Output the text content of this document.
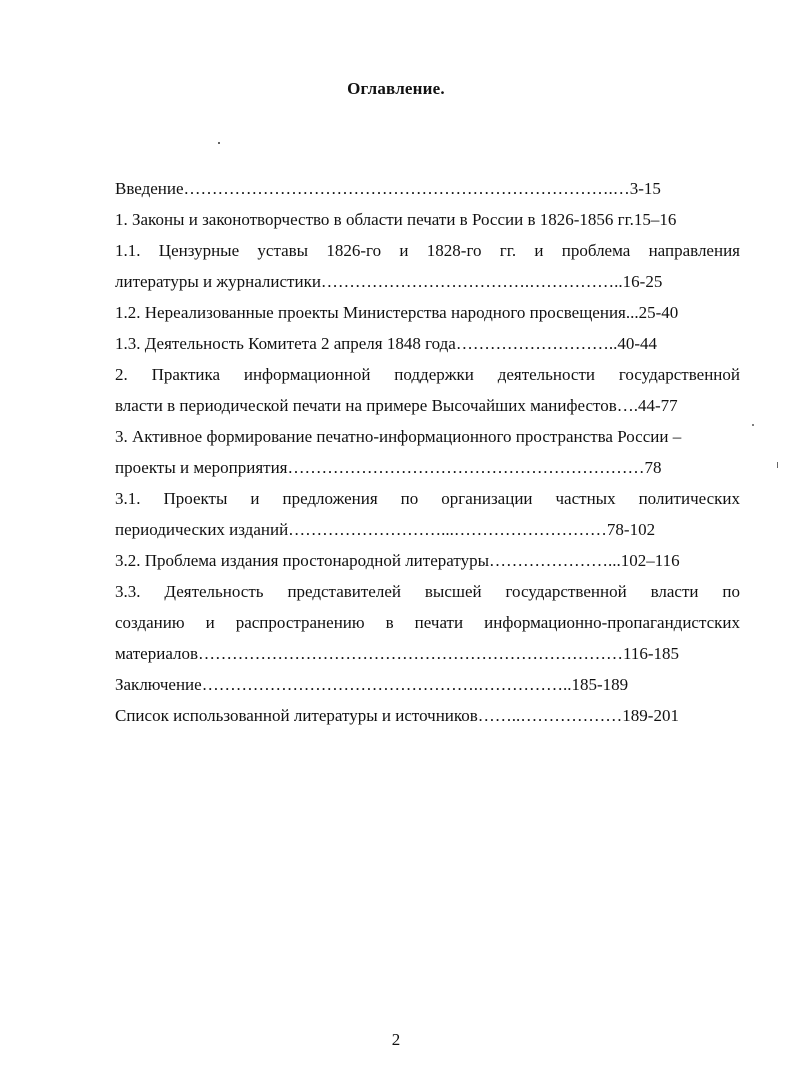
Оглавление.
Введение………………………………………………………………….…3-15
1. Законы и законотворчество в области печати в России в 1826-1856 гг.15–16
1.1. Цензурные уставы 1826-го и 1828-го гг. и проблема направления
литературы и журналистики……………………………….……………..16-25
1.2. Нереализованные проекты Министерства народного просвещения...25-40
1.3. Деятельность Комитета 2 апреля 1848 года………………………..40-44
2. Практика информационной поддержки деятельности государственной
власти в периодической печати на примере Высочайших манифестов….44-77
3. Активное формирование печатно-информационного пространства России –
проекты и мероприятия………………………………………………………78
3.1. Проекты и предложения по организации частных политических
периодических изданий………………………...………………………78-102
3.2. Проблема издания простонародной литературы…………………...102–116
3.3. Деятельность представителей высшей государственной власти по
созданию и распространению в печати информационно-пропагандистских
материалов…………………………………………………………………116-185
Заключение………………………………………….……………..185-189
Список использованной литературы и источников……..………………189-201
2
